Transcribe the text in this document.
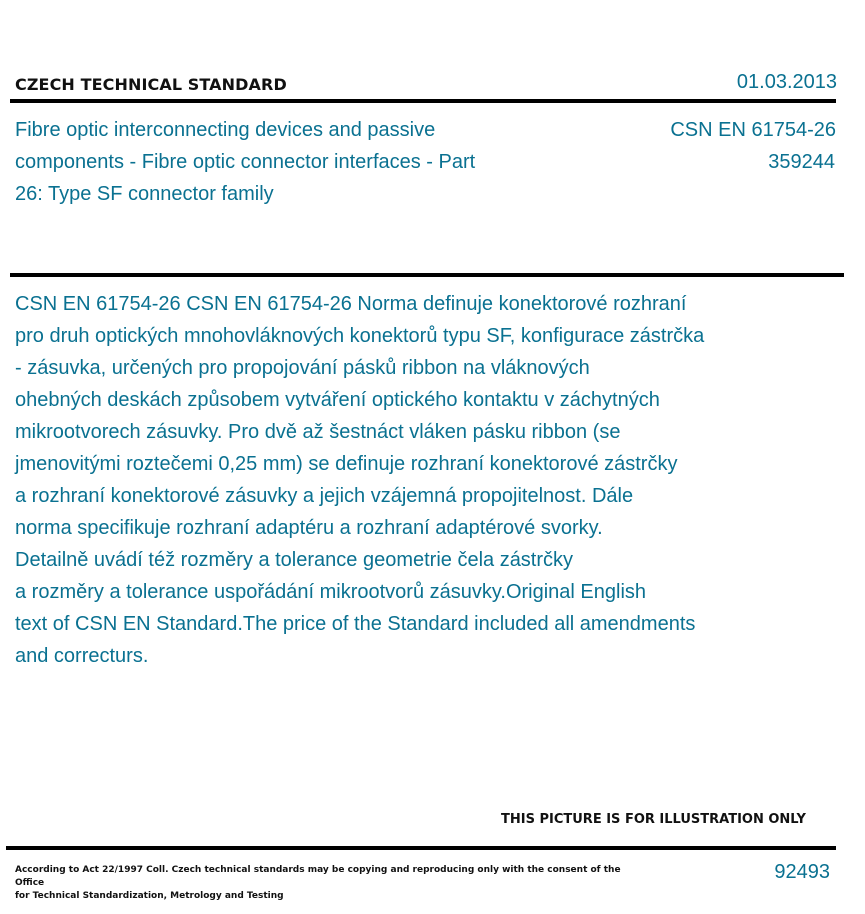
CZECH TECHNICAL STANDARD	01.03.2013
Fibre optic interconnecting devices and passive components - Fibre optic connector interfaces - Part 26: Type SF connector family
CSN EN 61754-26
359244
CSN EN 61754-26 CSN EN 61754-26 Norma definuje konektorové rozhraní
pro druh optických mnohovláknových konektorů typu SF, konfigurace zástrčka
- zásuvka, určených pro propojování pásků ribbon na vláknových
ohebných deskách způsobem vytváření optického kontaktu v záchytných
mikrootvorech zásuvky. Pro dvě až šestnáct vláken pásku ribbon (se
jmenovitými roztečemi 0,25 mm) se definuje rozhraní konektorové zástrčky
a rozhraní konektorové zásuvky a jejich vzájemná propojitelnost. Dále
norma specifikuje rozhraní adaptéru a rozhraní adaptérové svorky.
Detailně uvádí též rozměry a tolerance geometrie čela zástrčky
a rozměry a tolerance uspořádání mikrootvorů zásuvky.Original English
text of CSN EN Standard.The price of the Standard included all amendments
and correcturs.
THIS PICTURE IS FOR ILLUSTRATION ONLY
According to Act 22/1997 Coll. Czech technical standards may be copying and reproducing only with the consent of the Office
for Technical Standardization, Metrology and Testing
92493
